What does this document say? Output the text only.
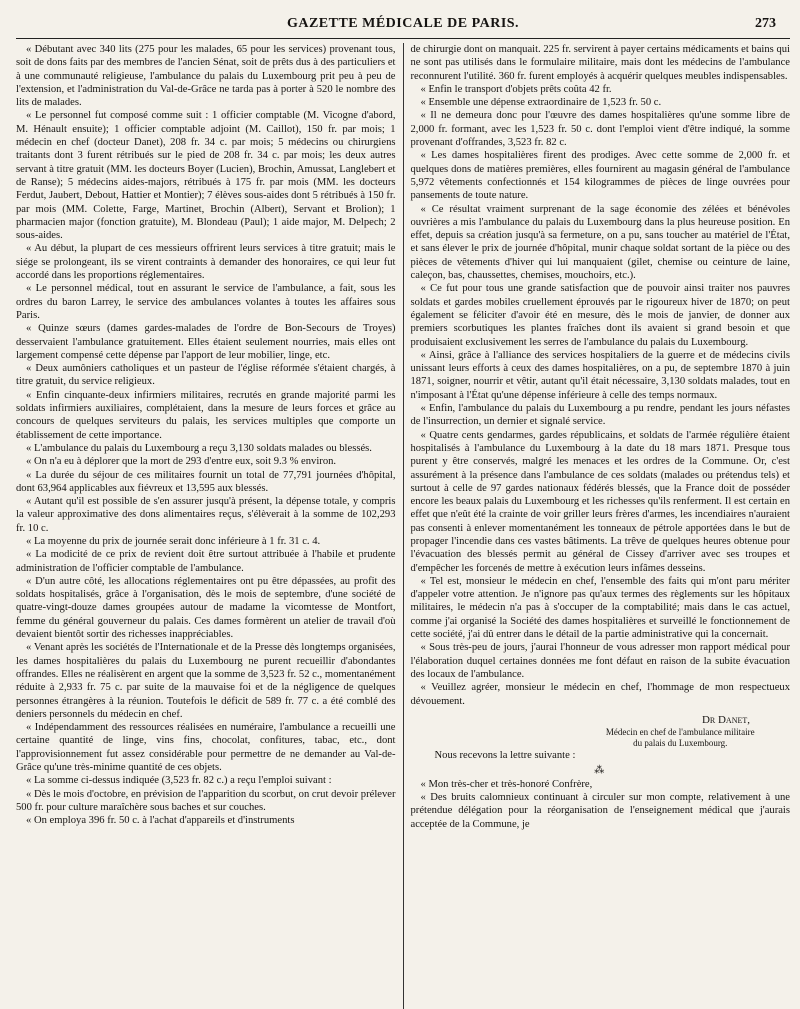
GAZETTE MÉDICALE DE PARIS.	273

« Débutant avec 340 lits (275 pour les malades, 65 pour les services) provenant tous, soit de dons faits par des membres de l'ancien Sénat, soit de prêts dus à des particuliers et à une communauté religieuse, l'ambulance du palais du Luxembourg prit peu à peu de l'extension, et l'administration du Val-de-Grâce ne tarda pas à porter à 520 le nombre des lits de malades.

« Le personnel fut composé comme suit : 1 officier comptable (M. Vicogne d'abord, M. Hénault ensuite); 1 officier comptable adjoint (M. Caillot), 150 fr. par mois; 1 médecin en chef (docteur Danet), 208 fr. 34 c. par mois; 5 médecins ou chirurgiens traitants dont 3 furent rétribués sur le pied de 208 fr. 34 c. par mois; les deux autres servant à titre gratuit (MM. les docteurs Boyer (Lucien), Brochin, Amussat, Langlebert et de Ranse); 5 médecins aides-majors, rétribués à 175 fr. par mois (MM. les docteurs Ferdut, Jaubert, Debout, Hattier et Montier); 7 élèves sous-aides dont 5 rétribués à 150 fr. par mois (MM. Colette, Farge, Martinet, Brochin (Albert), Servant et Brolion); 1 pharmacien major (fonction gratuite), M. Blondeau (Paul); 1 aide major, M. Delpech; 2 sous-aides.

« Au début, la plupart de ces messieurs offrirent leurs services à titre gratuit; mais le siége se prolongeant, ils se virent contraints à demander des honoraires, ce qui leur fut accordé dans les proportions réglementaires.

« Le personnel médical, tout en assurant le service de l'ambulance, a fait, sous les ordres du baron Larrey, le service des ambulances volantes à toutes les affaires sous Paris.

« Quinze sœurs (dames gardes-malades de l'ordre de Bon-Secours de Troyes) desservaient l'ambulance gratuitement. Elles étaient seulement nourries, mais elles ont largement compensé cette dépense par l'apport de leur mobilier, linge, etc.

« Deux aumôniers catholiques et un pasteur de l'église réformée s'étaient chargés, à titre gratuit, du service religieux.

« Enfin cinquante-deux infirmiers militaires, recrutés en grande majorité parmi les soldats infirmiers auxiliaires, complétaient, dans la mesure de leurs forces et grâce au concours de quelques serviteurs du palais, les services multiples que comporte un établissement de cette importance.

« L'ambulance du palais du Luxembourg a reçu 3,130 soldats malades ou blessés.

« On n'a eu à déplorer que la mort de 293 d'entre eux, soit 9.3 % environ.

« La durée du séjour de ces militaires fournit un total de 77,791 journées d'hôpital, dont 63,964 applicables aux fiévreux et 13,595 aux blessés.

« Autant qu'il est possible de s'en assurer jusqu'à présent, la dépense totale, y compris la valeur approximative des dons alimentaires reçus, s'élèverait à la somme de 102,293 fr. 10 c.

« La moyenne du prix de journée serait donc inférieure à 1 fr. 31 c. 4.

« La modicité de ce prix de revient doit être surtout attribuée à l'habile et prudente administration de l'officier comptable de l'ambulance.

« D'un autre côté, les allocations réglementaires ont pu être dépassées, au profit des soldats hospitalisés, grâce à l'organisation, dès le mois de septembre, d'une société de quatre-vingt-douze dames groupées autour de madame la vicomtesse de Montfort, femme du général gouverneur du palais. Ces dames formèrent un atelier de travail d'où devaient bientôt sortir des richesses inappréciables.

« Venant après les sociétés de l'Internationale et de la Presse dès longtemps organisées, les dames hospitalières du palais du Luxembourg ne purent recueillir d'abondantes offrandes. Elles ne réalisèrent en argent que la somme de 3,523 fr. 52 c., momentanément réduite à 2,933 fr. 75 c. par suite de la mauvaise foi et de la négligence de quelques personnes étrangères à la réunion. Toutefois le déficit de 589 fr. 77 c. a été comblé des deniers personnels du médecin en chef.

« Indépendamment des ressources réalisées en numéraire, l'ambulance a recueilli une certaine quantité de linge, vins fins, chocolat, confitures, tabac, etc., dont l'approvisionnement fut assez considérable pour permettre de ne demander au Val-de-Grâce qu'une très-minime quantité de ces objets.

« La somme ci-dessus indiquée (3,523 fr. 82 c.) a reçu l'emploi suivant :

« Dès le mois d'octobre, en prévision de l'apparition du scorbut, on crut devoir prélever 500 fr. pour culture maraîchère sous baches et sur couches.

« On employa 396 fr. 50 c. à l'achat d'appareils et d'instruments

de chirurgie dont on manquait. 225 fr. servirent à payer certains médicaments et bains qui ne sont pas utilisés dans le formulaire militaire, mais dont les médecins de l'ambulance reconnurent l'utilité. 360 fr. furent employés à acquérir quelques meubles indispensables.

« Enfin le transport d'objets prêts coûta 42 fr.

« Ensemble une dépense extraordinaire de 1,523 fr. 50 c.

« Il ne demeura donc pour l'œuvre des dames hospitalières qu'une somme libre de 2,000 fr. formant, avec les 1,523 fr. 50 c. dont l'emploi vient d'être indiqué, la somme provenant d'offrandes, 3,523 fr. 82 c.

« Les dames hospitalières firent des prodiges. Avec cette somme de 2,000 fr. et quelques dons de matières premières, elles fournirent au magasin général de l'ambulance 5,972 vêtements confectionnés et 154 kilogrammes de pièces de linge ouvrées pour pansements de toute nature.

« Ce résultat vraiment surprenant de la sage économie des zélées et bénévoles ouvrières a mis l'ambulance du palais du Luxembourg dans la plus heureuse position. En effet, depuis sa création jusqu'à sa fermeture, on a pu, sans toucher au matériel de l'État, et sans élever le prix de journée d'hôpital, munir chaque soldat sortant de la pièce ou des pièces de vêtements d'hiver qui lui manquaient (gilet, chemise ou ceinture de laine, caleçon, bas, chaussettes, chemises, mouchoirs, etc.).

« Ce fut pour tous une grande satisfaction que de pouvoir ainsi traiter nos pauvres soldats et gardes mobiles cruellement éprouvés par le rigoureux hiver de 1870; on peut également se féliciter d'avoir été en mesure, dès le mois de janvier, de donner aux premiers scorbutiques les plantes fraîches dont ils avaient si grand besoin et que produisaient exclusivement les serres de l'ambulance du palais du Luxembourg.

« Ainsi, grâce à l'alliance des services hospitaliers de la guerre et de médecins civils unissant leurs efforts à ceux des dames hospitalières, on a pu, de septembre 1870 à juin 1871, soigner, nourrir et vêtir, autant qu'il était nécessaire, 3,130 soldats malades, tout en n'imposant à l'État qu'une dépense inférieure à celle des temps normaux.

« Enfin, l'ambulance du palais du Luxembourg a pu rendre, pendant les jours néfastes de l'insurrection, un dernier et signalé service.

« Quatre cents gendarmes, gardes républicains, et soldats de l'armée régulière étaient hospitalisés à l'ambulance du Luxembourg à la date du 18 mars 1871. Presque tous purent y être conservés, malgré les menaces et les ordres de la Commune. Or, c'est assurément à la présence dans l'ambulance de ces soldats (malades ou prétendus tels) et surtout à celle de 97 gardes nationaux fédérés blessés, que la France doit de posséder encore les beaux palais du Luxembourg et les richesses qu'ils renferment. Il est certain en effet que n'eût été la crainte de voir griller leurs frères d'armes, les incendiaires n'auraient pas consenti à enlever momentanément les tonneaux de pétrole apportées dans le but de propager l'incendie dans ces vastes bâtiments. La trêve de quelques heures obtenue pour l'évacuation des blessés permit au général de Cissey d'arriver avec ses troupes et d'empêcher les forcenés de mettre à exécution leurs infâmes desseins.

« Tel est, monsieur le médecin en chef, l'ensemble des faits qui m'ont paru mériter d'appeler votre attention. Je n'ignore pas qu'aux termes des règlements sur les hôpitaux militaires, le médecin n'a pas à s'occuper de la comptabilité; mais dans le cas actuel, comme j'ai organisé la Société des dames hospitalières et surveillé le fonctionnement de cette société, j'ai dû entrer dans le détail de la partie administrative qui la concernait.

« Sous très-peu de jours, j'aurai l'honneur de vous adresser mon rapport médical pour l'élaboration duquel certaines données me font défaut en raison de la subite évacuation des locaux de l'ambulance.

« Veuillez agréer, monsieur le médecin en chef, l'hommage de mon respectueux dévouement.

Dr Danet,
Médecin en chef de l'ambulance militaire
du palais du Luxembourg.

Nous recevons la lettre suivante :

⁂

« Mon très-cher et très-honoré Confrère,

« Des bruits calomnieux continuant à circuler sur mon compte, relativement à une prétendue délégation pour la réorganisation de l'enseignement médical que j'aurais acceptée de la Commune, je
